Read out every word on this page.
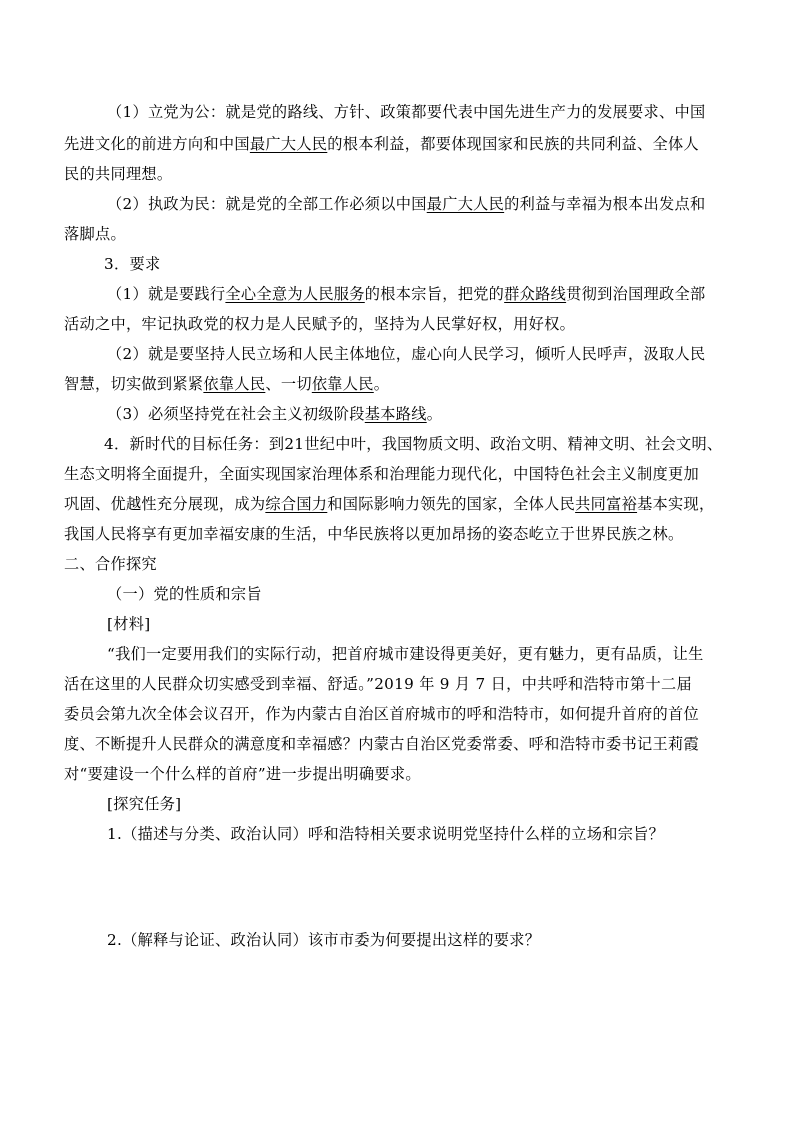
（1）立党为公：就是党的路线、方针、政策都要代表中国先进生产力的发展要求、中国
先进文化的前进方向和中国最广大人民的根本利益，都要体现国家和民族的共同利益、全体人
民的共同理想。
（2）执政为民：就是党的全部工作必须以中国最广大人民的利益与幸福为根本出发点和
落脚点。
3．要求
（1）就是要践行全心全意为人民服务的根本宗旨，把党的群众路线贯彻到治国理政全部
活动之中，牢记执政党的权力是人民赋予的，坚持为人民掌好权，用好权。
（2）就是要坚持人民立场和人民主体地位，虚心向人民学习，倾听人民呼声，汲取人民
智慧，切实做到紧紧依靠人民、一切依靠人民。
（3）必须坚持党在社会主义初级阶段基本路线。
4．新时代的目标任务：到21世纪中叶，我国物质文明、政治文明、精神文明、社会文明、
生态文明将全面提升，全面实现国家治理体系和治理能力现代化，中国特色社会主义制度更加
巩固、优越性充分展现，成为综合国力和国际影响力领先的国家，全体人民共同富裕基本实现，
我国人民将享有更加幸福安康的生活，中华民族将以更加昂扬的姿态屹立于世界民族之林。
二、合作探究
（一）党的性质和宗旨
[材料]
“我们一定要用我们的实际行动，把首府城市建设得更美好，更有魅力，更有品质，让生
活在这里的人民群众切实感受到幸福、舒适。”2019 年 9 月 7 日，中共呼和浩特市第十二届
委员会第九次全体会议召开，作为内蒙古自治区首府城市的呼和浩特市，如何提升首府的首位
度、不断提升人民群众的满意度和幸福感？内蒙古自治区党委常委、呼和浩特市委书记王莉霞
对“要建设一个什么样的首府”进一步提出明确要求。
[探究任务]
1.（描述与分类、政治认同）呼和浩特相关要求说明党坚持什么样的立场和宗旨？
2.（解释与论证、政治认同）该市市委为何要提出这样的要求？
